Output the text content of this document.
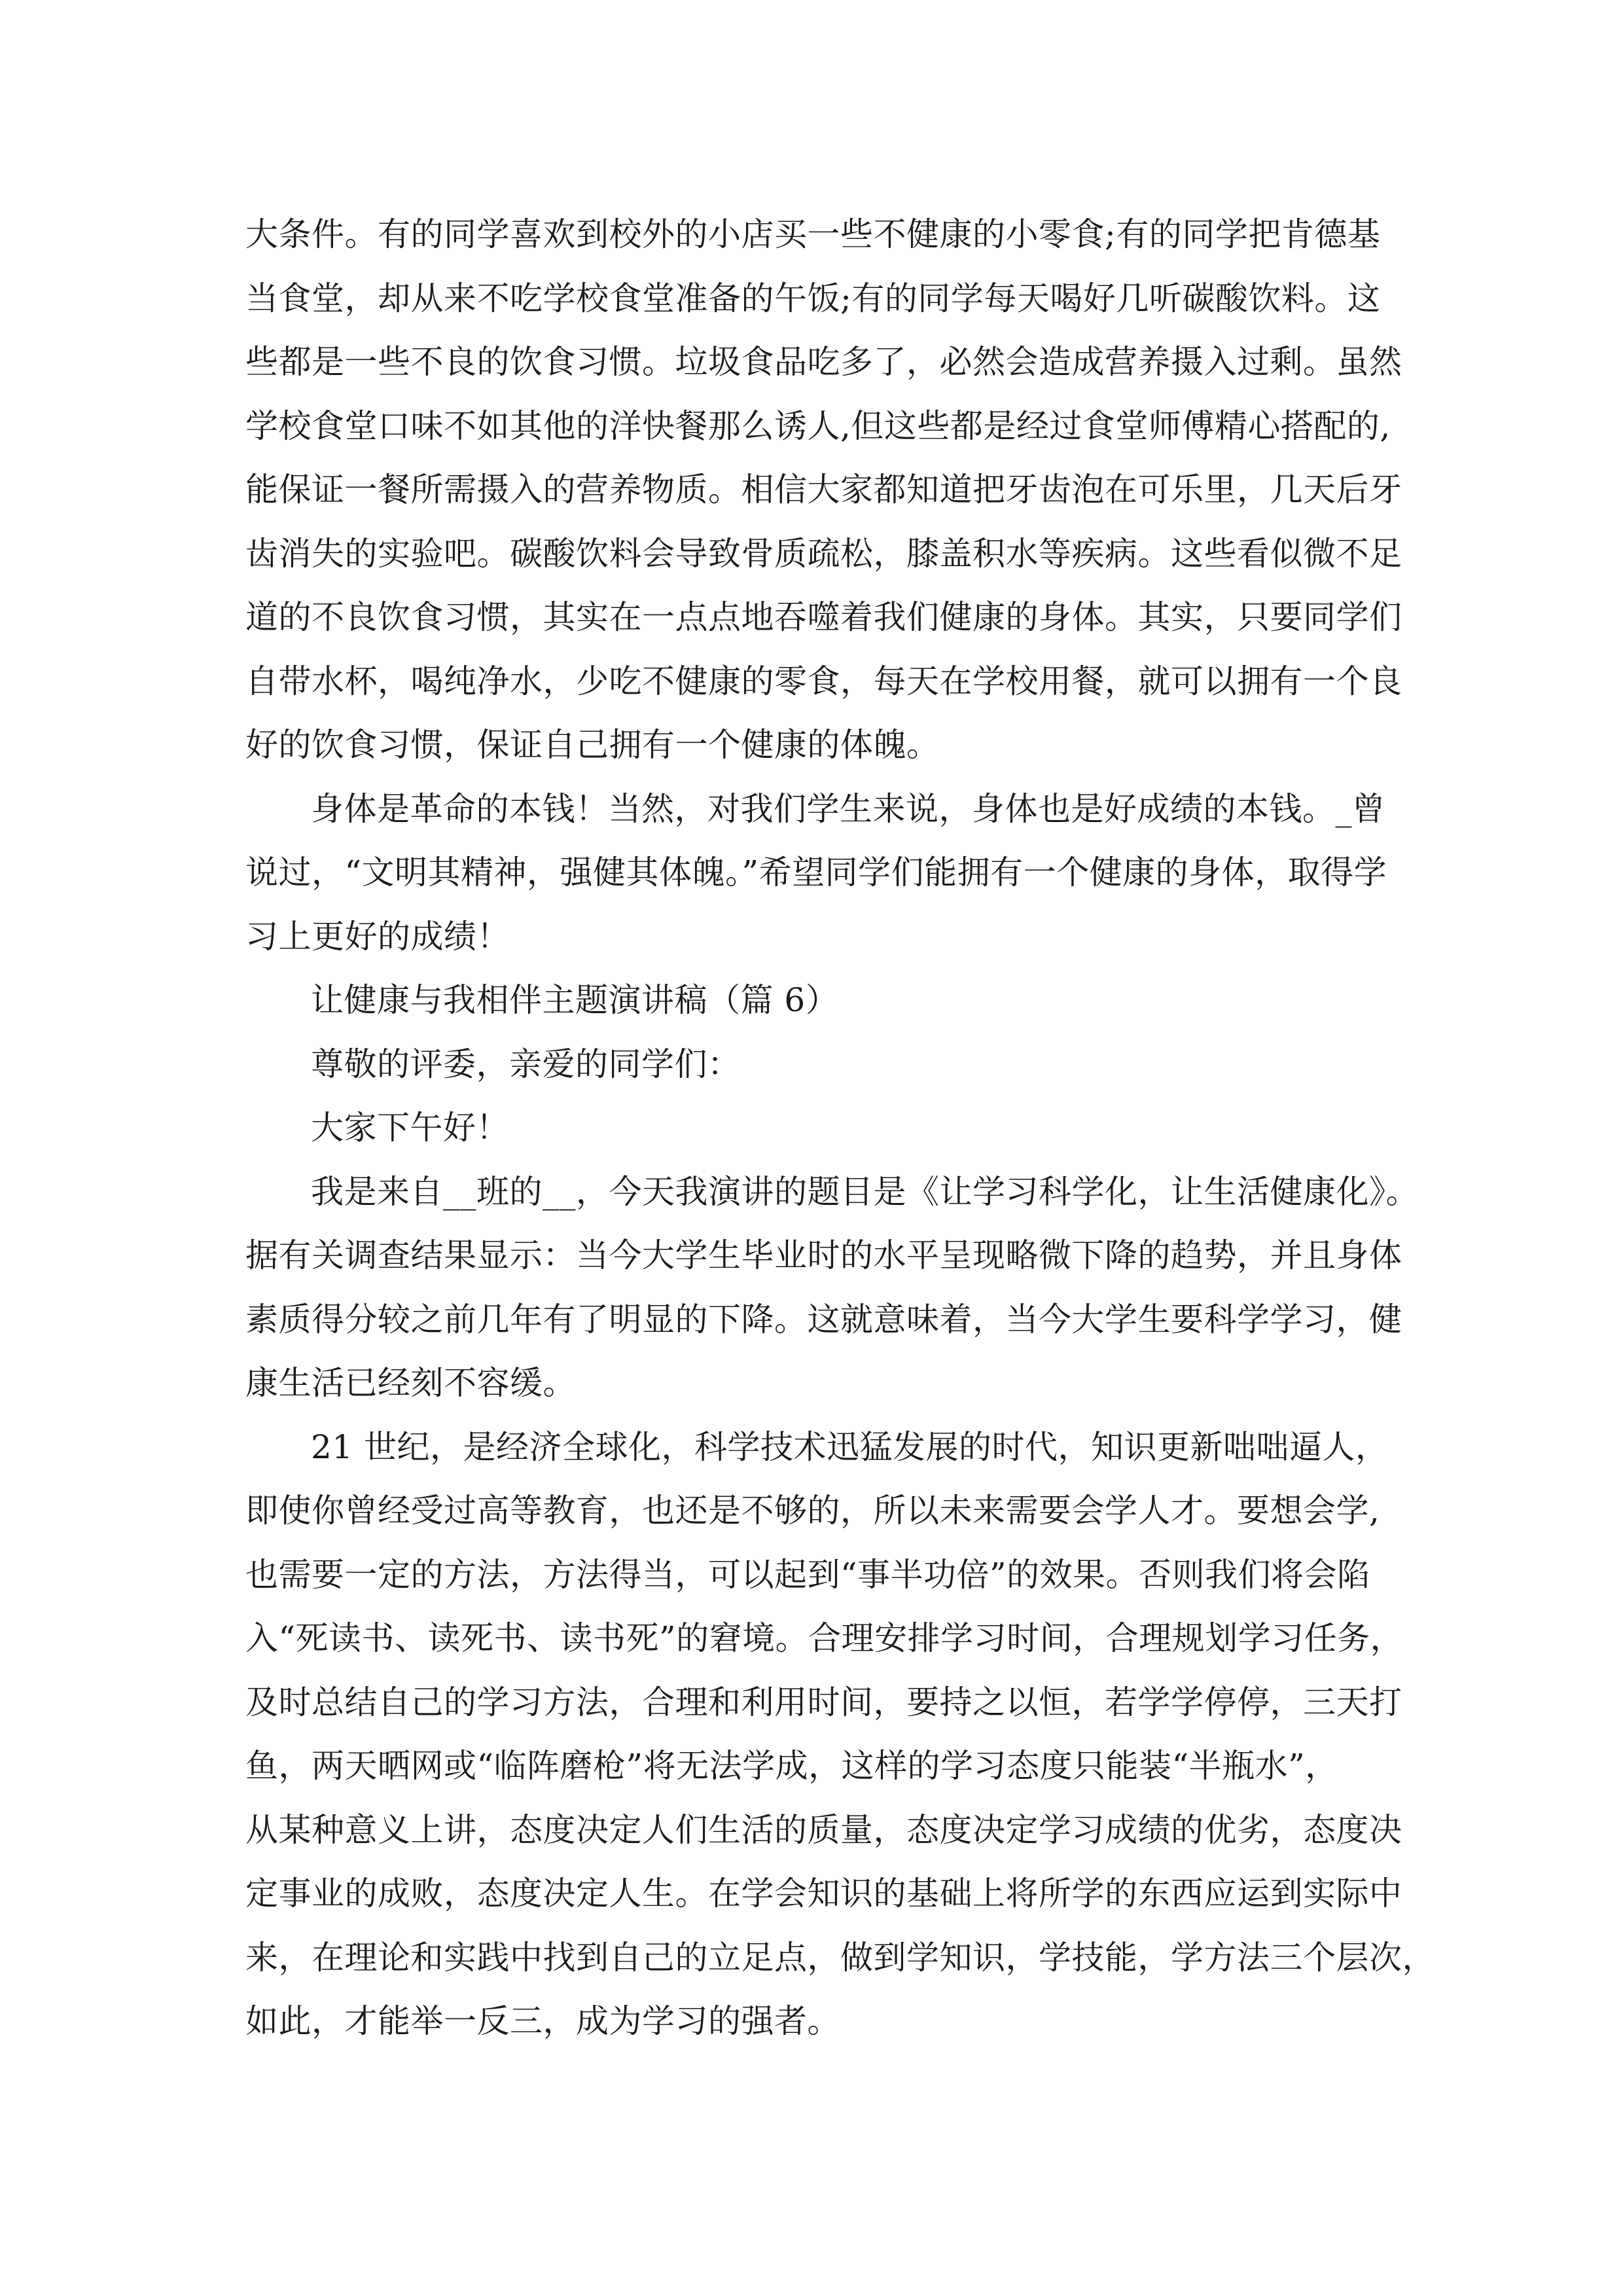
大条件。有的同学喜欢到校外的小店买一些不健康的小零食;有的同学把肯德基
当食堂，却从来不吃学校食堂准备的午饭;有的同学每天喝好几听碳酸饮料。这
些都是一些不良的饮食习惯。垃圾食品吃多了，必然会造成营养摄入过剩。虽然
学校食堂口味不如其他的洋快餐那么诱人,但这些都是经过食堂师傅精心搭配的,
能保证一餐所需摄入的营养物质。相信大家都知道把牙齿泡在可乐里，几天后牙
齿消失的实验吧。碳酸饮料会导致骨质疏松，膝盖积水等疾病。这些看似微不足
道的不良饮食习惯，其实在一点点地吞噬着我们健康的身体。其实，只要同学们
自带水杯，喝纯净水，少吃不健康的零食，每天在学校用餐，就可以拥有一个良
好的饮食习惯，保证自己拥有一个健康的体魄。
身体是革命的本钱！当然，对我们学生来说，身体也是好成绩的本钱。_曾
说过，“文明其精神，强健其体魄。”希望同学们能拥有一个健康的身体，取得学
习上更好的成绩！
让健康与我相伴主题演讲稿（篇 6）
尊敬的评委，亲爱的同学们：
大家下午好！
我是来自__班的__，今天我演讲的题目是《让学习科学化，让生活健康化》。
据有关调查结果显示：当今大学生毕业时的水平呈现略微下降的趋势，并且身体
素质得分较之前几年有了明显的下降。这就意味着，当今大学生要科学学习，健
康生活已经刻不容缓。
21 世纪，是经济全球化，科学技术迅猛发展的时代，知识更新咄咄逼人，
即使你曾经受过高等教育，也还是不够的，所以未来需要会学人才。要想会学,
也需要一定的方法，方法得当，可以起到“事半功倍”的效果。否则我们将会陷
入“死读书、读死书、读书死”的窘境。合理安排学习时间，合理规划学习任务，
及时总结自己的学习方法，合理和利用时间，要持之以恒，若学学停停，三天打
鱼，两天晒网或“临阵磨枪”将无法学成，这样的学习态度只能装“半瓶水”，
从某种意义上讲，态度决定人们生活的质量，态度决定学习成绩的优劣，态度决
定事业的成败，态度决定人生。在学会知识的基础上将所学的东西应运到实际中
来，在理论和实践中找到自己的立足点，做到学知识，学技能，学方法三个层次，
如此，才能举一反三，成为学习的强者。
